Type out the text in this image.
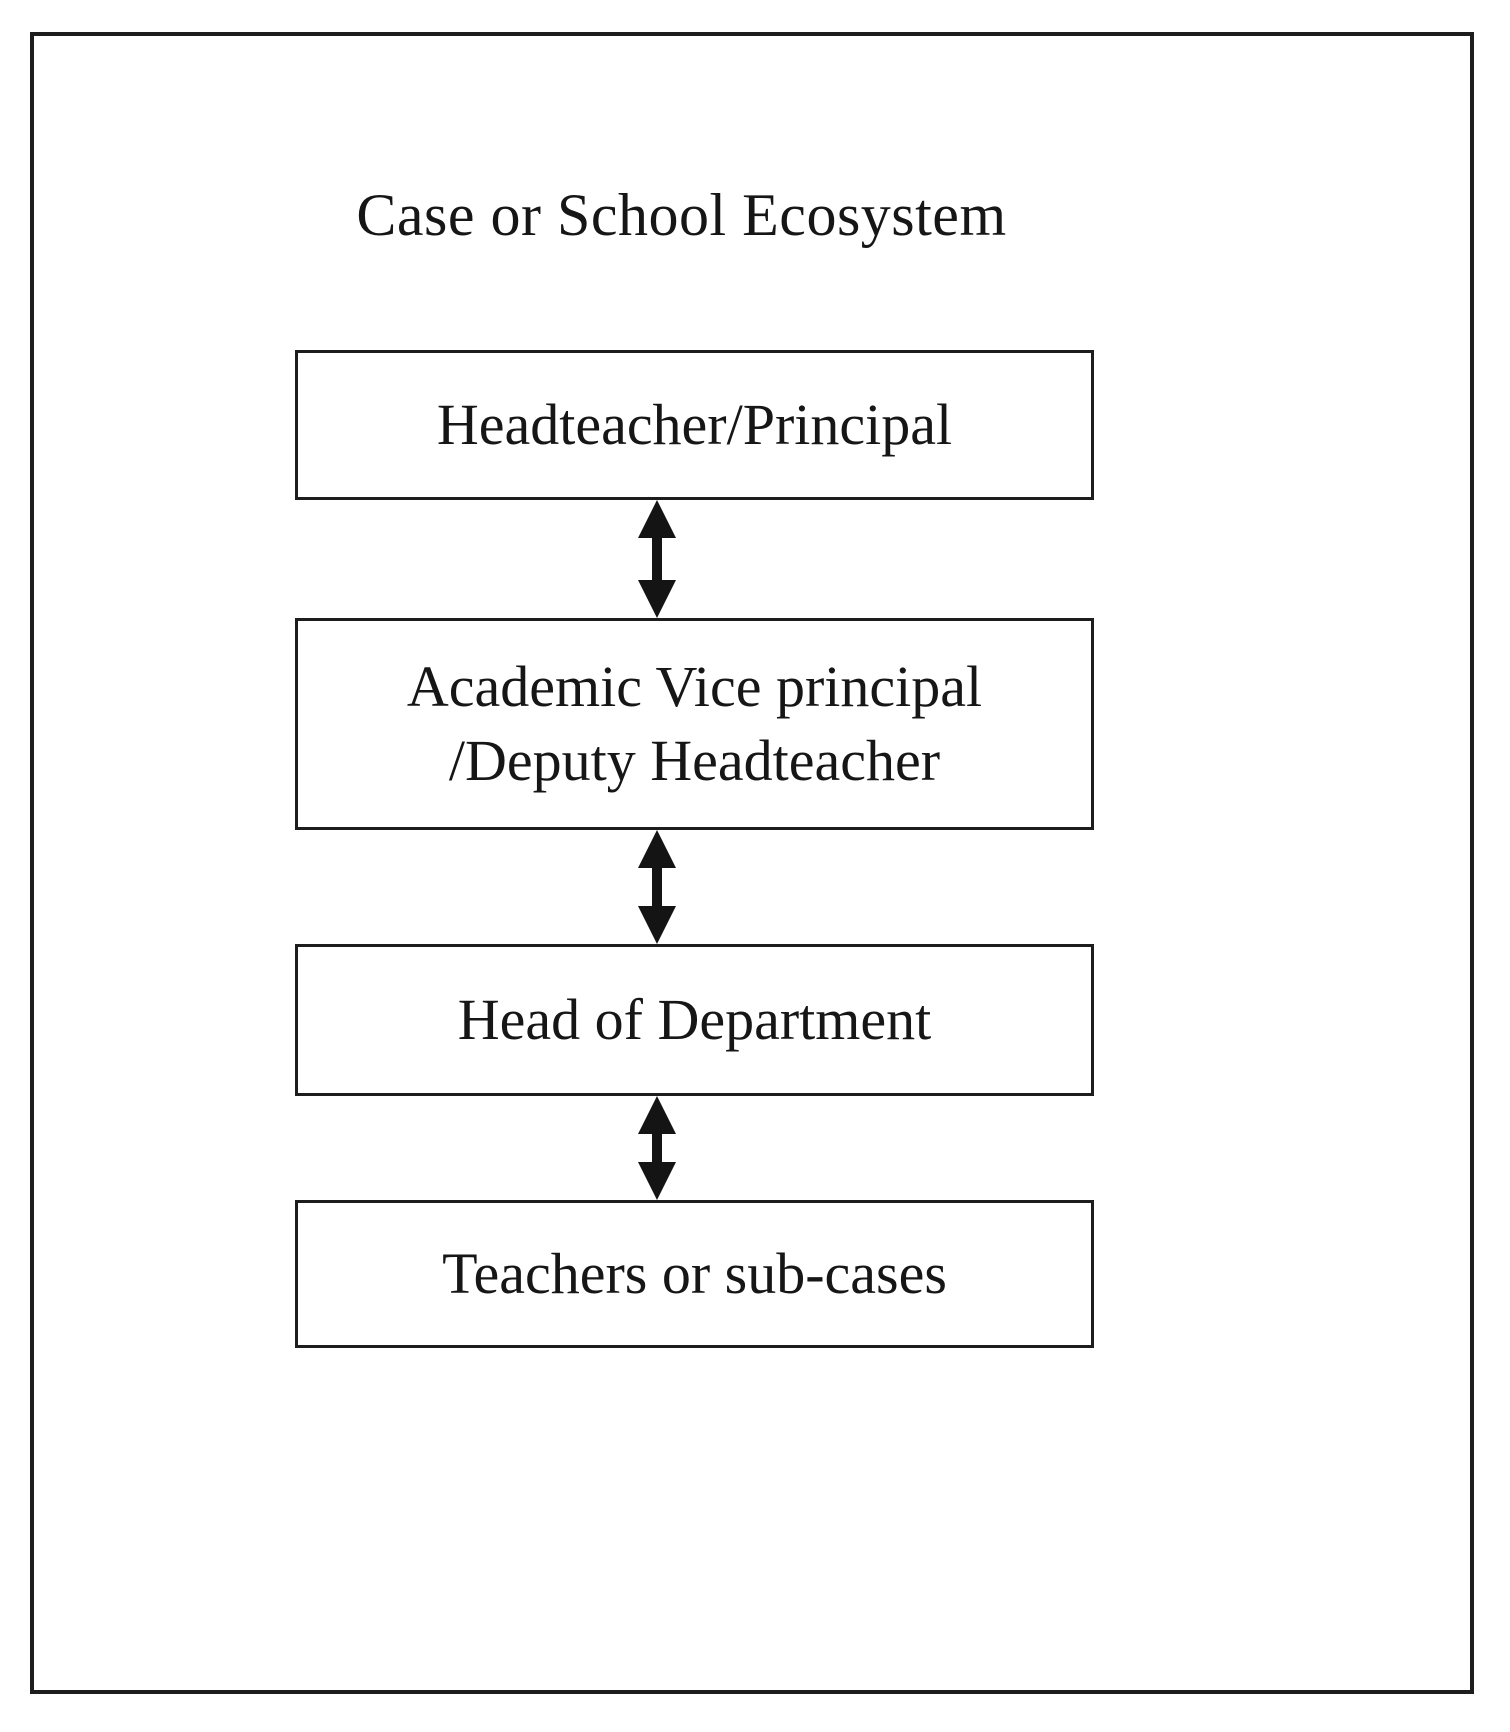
Case or School Ecosystem
Headteacher/Principal
Academic Vice principal
/Deputy Headteacher
Head of Department
Teachers or sub-cases
